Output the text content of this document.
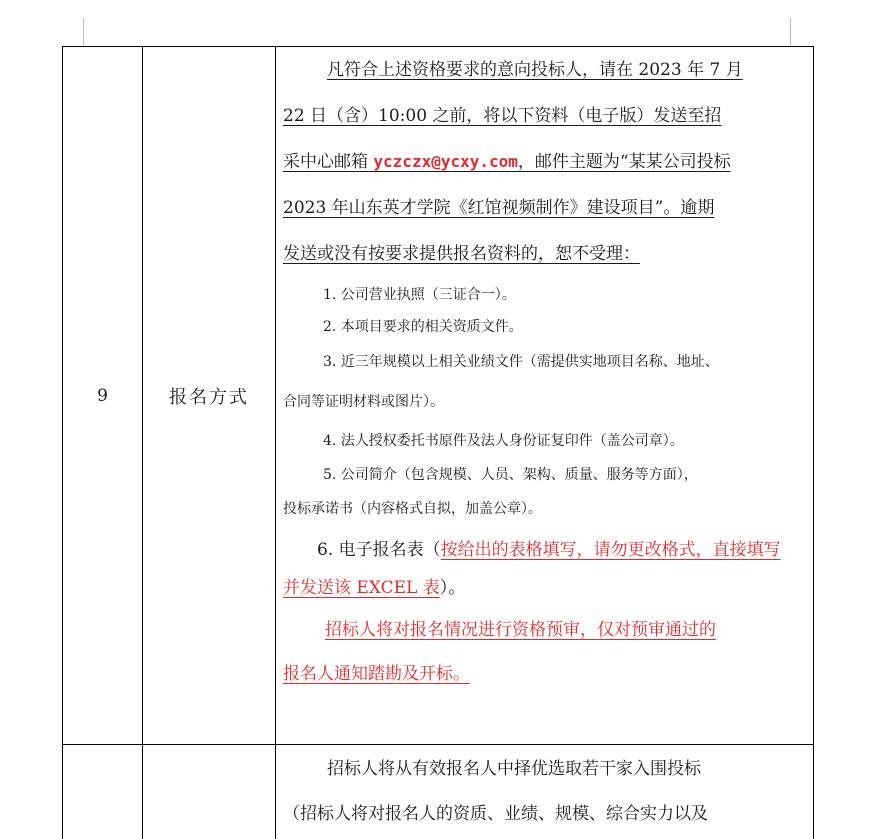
9	报名方式
凡符合上述资格要求的意向投标人，请在 2023 年 7 月
22 日（含）10:00 之前，将以下资料（电子版）发送至招
采中心邮箱 yczczx@ycxy.com，邮件主题为“某某公司投标
2023 年山东英才学院《红馆视频制作》建设项目”。逾期
发送或没有按要求提供报名资料的，恕不受理：
1. 公司营业执照（三证合一）。
2. 本项目要求的相关资质文件。
3. 近三年规模以上相关业绩文件（需提供实地项目名称、地址、
合同等证明材料或图片）。
4. 法人授权委托书原件及法人身份证复印件（盖公司章）。
5. 公司简介（包含规模、人员、架构、质量、服务等方面），
投标承诺书（内容格式自拟，加盖公章）。
6. 电子报名表（按给出的表格填写，请勿更改格式，直接填写
并发送该 EXCEL 表）。
招标人将对报名情况进行资格预审，仅对预审通过的
报名人通知踏勘及开标。
招标人将从有效报名人中择优选取若干家入围投标
（招标人将对报名人的资质、业绩、规模、综合实力以及
